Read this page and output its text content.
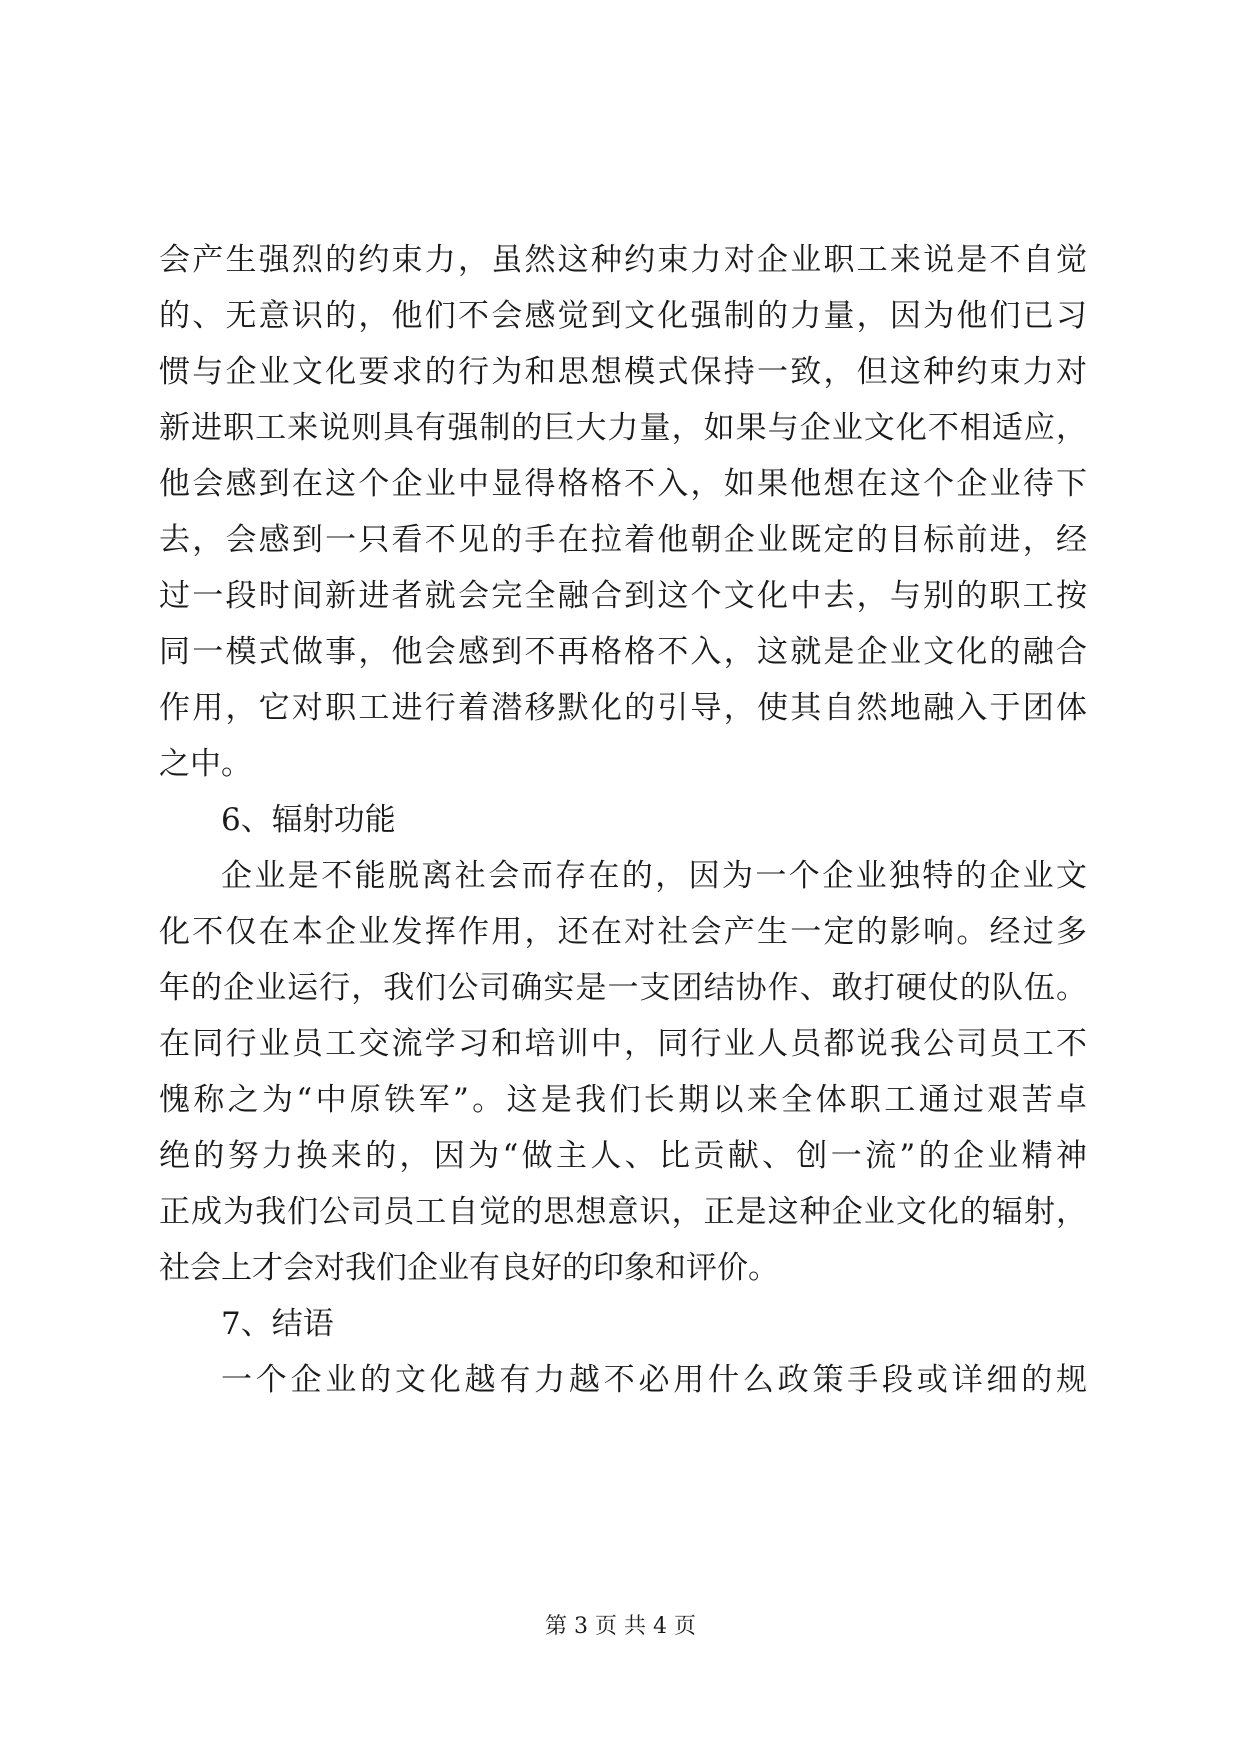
会产生强烈的约束力，虽然这种约束力对企业职工来说是不自觉
的、无意识的，他们不会感觉到文化强制的力量，因为他们已习
惯与企业文化要求的行为和思想模式保持一致，但这种约束力对
新进职工来说则具有强制的巨大力量，如果与企业文化不相适应，
他会感到在这个企业中显得格格不入，如果他想在这个企业待下
去，会感到一只看不见的手在拉着他朝企业既定的目标前进，经
过一段时间新进者就会完全融合到这个文化中去，与别的职工按
同一模式做事，他会感到不再格格不入，这就是企业文化的融合
作用，它对职工进行着潜移默化的引导，使其自然地融入于团体
之中。
6、辐射功能
企业是不能脱离社会而存在的，因为一个企业独特的企业文
化不仅在本企业发挥作用，还在对社会产生一定的影响。经过多
年的企业运行，我们公司确实是一支团结协作、敢打硬仗的队伍。
在同行业员工交流学习和培训中，同行业人员都说我公司员工不
愧称之为“中原铁军”。这是我们长期以来全体职工通过艰苦卓
绝的努力换来的，因为“做主人、比贡献、创一流”的企业精神
正成为我们公司员工自觉的思想意识，正是这种企业文化的辐射，
社会上才会对我们企业有良好的印象和评价。
7、结语
一个企业的文化越有力越不必用什么政策手段或详细的规
第 3 页 共 4 页
